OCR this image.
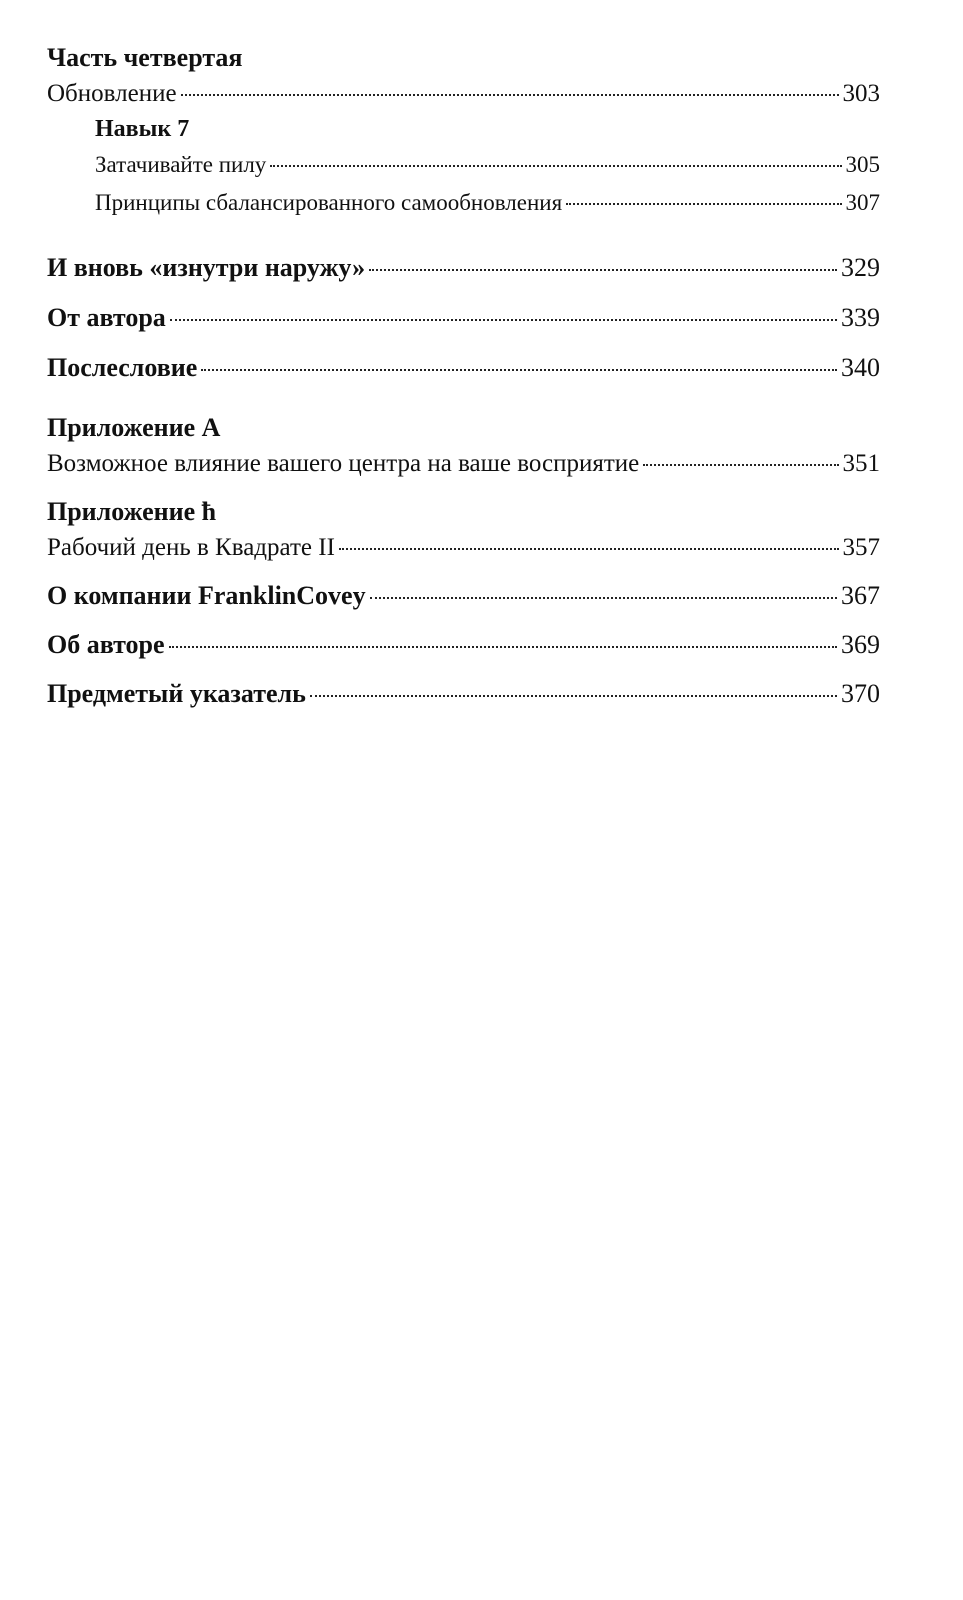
Часть четвертая
Обновление	303
Навык 7
Затачивайте пилу	305
Принципы сбалансированного самообновления	307
И вновь «изнутри наружу»	329
От автора	339
Послесловие	340
Приложение А
Возможное влияние вашего центра на ваше восприятие	351
Приложение ħ
Рабочий день в Квадрате II	357
О компании FranklinCovey	367
Об авторе	369
Предметый указатель	370
